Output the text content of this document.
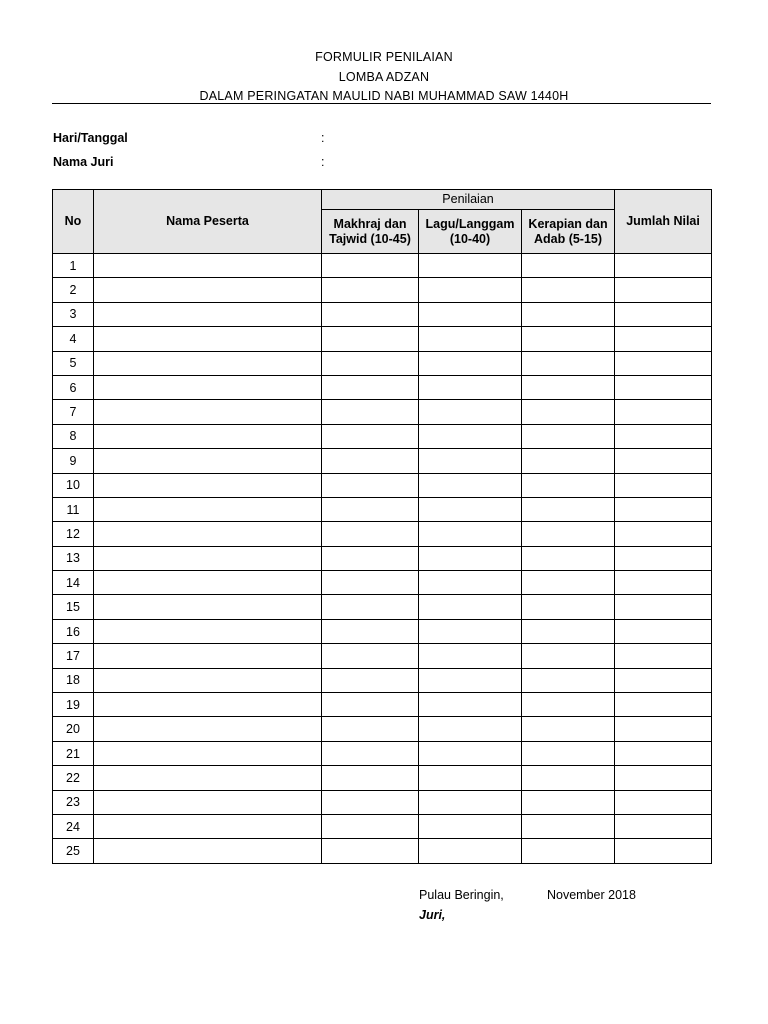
FORMULIR PENILAIAN
LOMBA ADZAN
DALAM PERINGATAN MAULID NABI MUHAMMAD SAW 1440H
Hari/Tanggal	:
Nama Juri	:
No	Nama Peserta	Penilaian			Jumlah Nilai
		Makhraj dan Tajwid (10-45)	Lagu/Langgam (10-40)	Kerapian dan Adab (5-15)	
1					
2					
3					
4					
5					
6					
7					
8					
9					
10					
11					
12					
13					
14					
15					
16					
17					
18					
19					
20					
21					
22					
23					
24					
25					
Pulau Beringin,	November 2018
Juri,
